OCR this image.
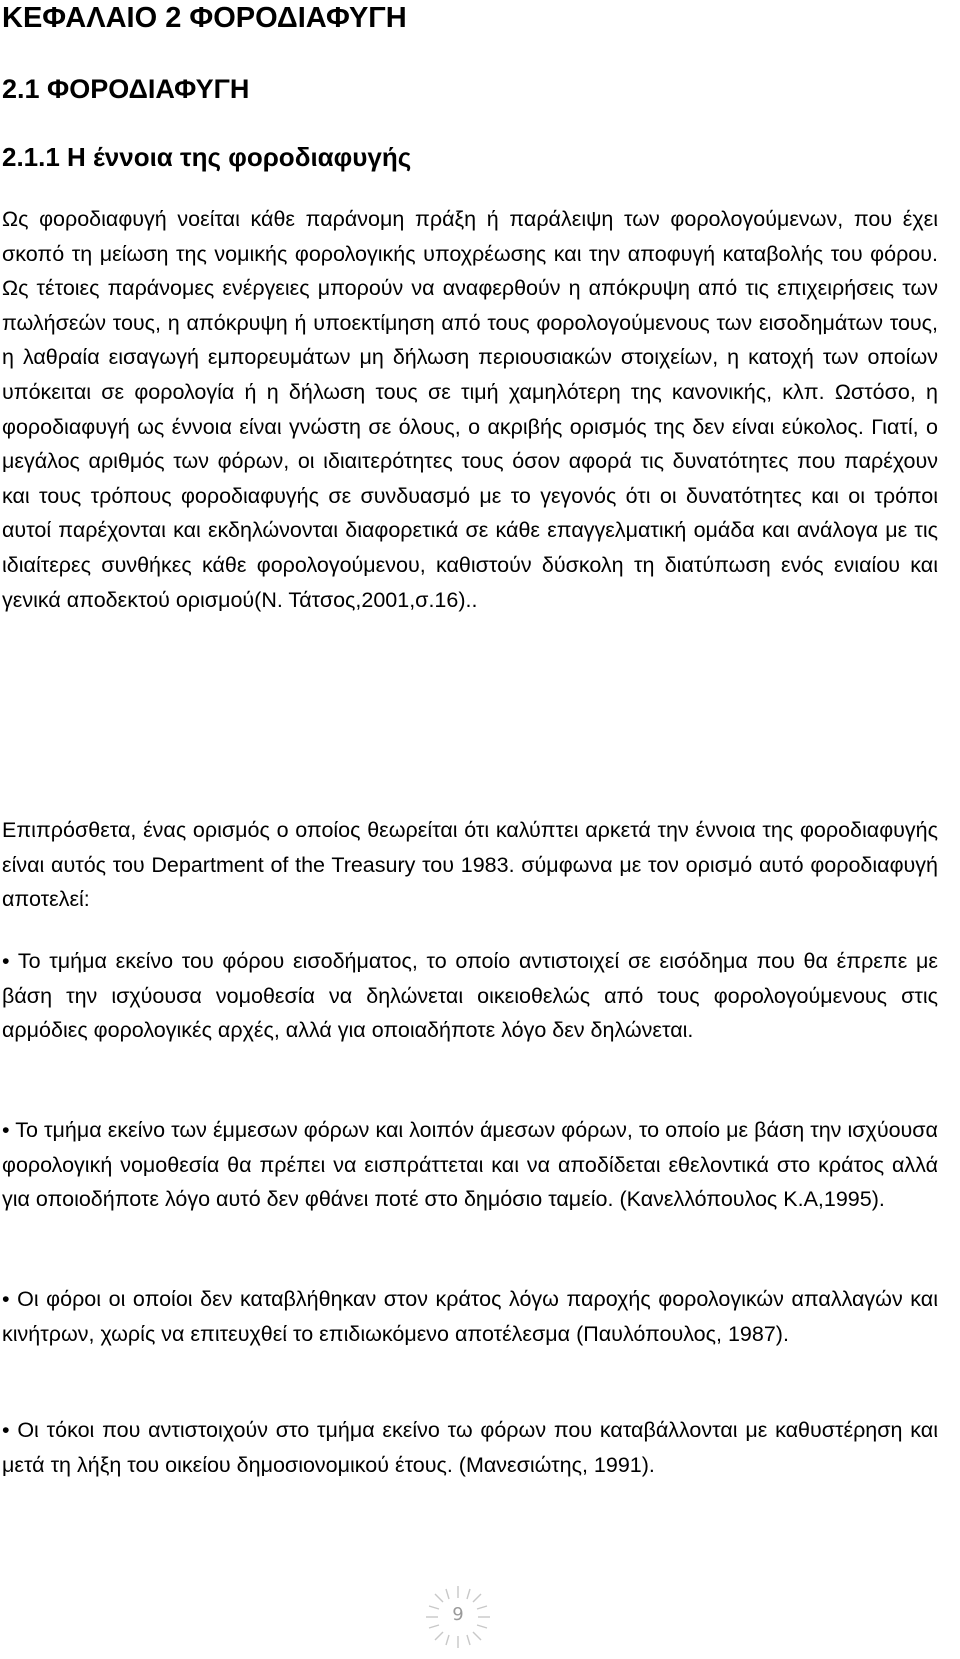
ΚΕΦΑΛΑΙΟ 2 ΦΟΡΟΔΙΑΦΥΓΗ
2.1 ΦΟΡΟΔΙΑΦΥΓΗ
2.1.1 Η έννοια της φοροδιαφυγής

Ως φοροδιαφυγή νοείται κάθε παράνομη πράξη ή παράλειψη των φορολογούμενων, που έχει σκοπό τη μείωση της νομικής φορολογικής υποχρέωσης και την αποφυγή καταβολής του φόρου. Ως τέτοιες παράνομες ενέργειες μπορούν να αναφερθούν η απόκρυψη από τις επιχειρήσεις των πωλήσεών τους, η απόκρυψη ή υποεκτίμηση από τους φορολογούμενους των εισοδημάτων τους, η λαθραία εισαγωγή εμπορευμάτων μη δήλωση περιουσιακών στοιχείων, η κατοχή των οποίων υπόκειται σε φορολογία ή η δήλωση τους σε τιμή χαμηλότερη της κανονικής, κλπ. Ωστόσο, η φοροδιαφυγή ως έννοια είναι γνώστη σε όλους, ο ακριβής ορισμός της δεν είναι εύκολος. Γιατί, ο μεγάλος αριθμός των φόρων, οι ιδιαιτερότητες τους όσον αφορά τις δυνατότητες που παρέχουν και τους τρόπους φοροδιαφυγής σε συνδυασμό με το γεγονός ότι οι δυνατότητες και οι τρόποι αυτοί παρέχονται και εκδηλώνονται διαφορετικά σε κάθε επαγγελματική ομάδα και ανάλογα με τις ιδιαίτερες συνθήκες κάθε φορολογούμενου, καθιστούν δύσκολη τη διατύπωση ενός ενιαίου και γενικά αποδεκτού ορισμού(Ν. Τάτσος,2001,σ.16)..

Επιπρόσθετα, ένας ορισμός ο οποίος θεωρείται ότι καλύπτει αρκετά την έννοια της φοροδιαφυγής είναι αυτός του Department of the Treasury του 1983. σύμφωνα με τον ορισμό αυτό φοροδιαφυγή αποτελεί:

• Το τμήμα εκείνο του φόρου εισοδήματος, το οποίο αντιστοιχεί σε εισόδημα που θα έπρεπε με βάση την ισχύουσα νομοθεσία να δηλώνεται οικειοθελώς από τους φορολογούμενους στις αρμόδιες φορολογικές αρχές, αλλά για οποιαδήποτε λόγο δεν δηλώνεται.

• Το τμήμα εκείνο των έμμεσων φόρων και λοιπόν άμεσων φόρων, το οποίο με βάση την ισχύουσα φορολογική νομοθεσία θα πρέπει να εισπράττεται και να αποδίδεται εθελοντικά στο κράτος αλλά για οποιοδήποτε λόγο αυτό δεν φθάνει ποτέ στο δημόσιο ταμείο. (Κανελλόπουλος Κ.Α,1995).

• Οι φόροι οι οποίοι δεν καταβλήθηκαν στον κράτος λόγω παροχής φορολογικών απαλλαγών και κινήτρων, χωρίς να επιτευχθεί το επιδιωκόμενο αποτέλεσμα (Παυλόπουλος, 1987).

• Οι τόκοι που αντιστοιχούν στο τμήμα εκείνο τω φόρων που καταβάλλονται με καθυστέρηση και μετά τη λήξη του οικείου δημοσιονομικού έτους. (Μανεσιώτης, 1991).

9
